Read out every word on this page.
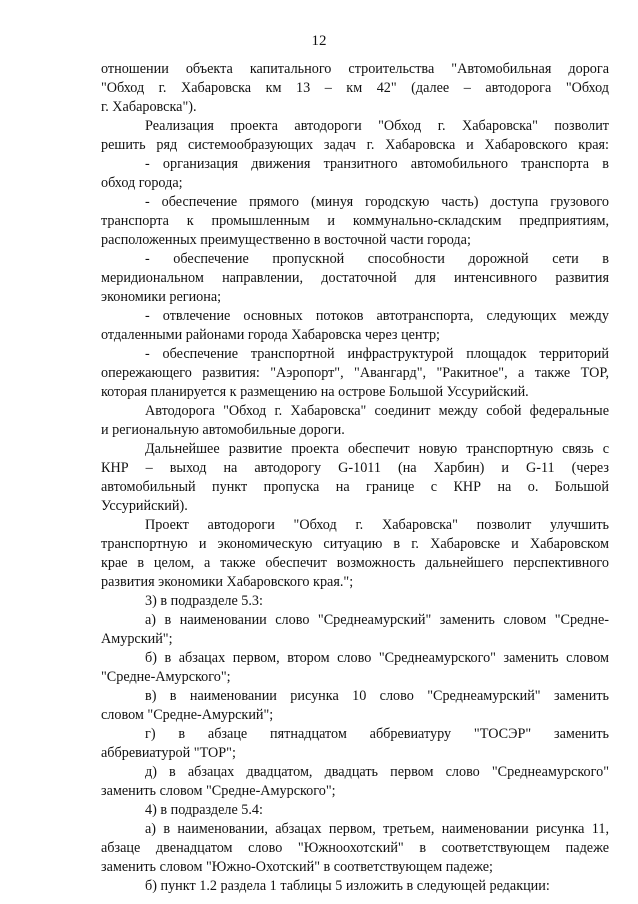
12
отношении объекта капитального строительства "Автомобильная дорога
"Обход г. Хабаровска км 13 – км 42" (далее – автодорога "Обход
г. Хабаровска").
Реализация проекта автодороги "Обход г. Хабаровска" позволит
решить ряд системообразующих задач г. Хабаровска и Хабаровского края:
- организация движения транзитного автомобильного транспорта в
обход города;
- обеспечение прямого (минуя городскую часть) доступа грузового
транспорта к промышленным и коммунально-складским предприятиям,
расположенных преимущественно в восточной части города;
- обеспечение пропускной способности дорожной сети в
меридиональном направлении, достаточной для интенсивного развития
экономики региона;
- отвлечение основных потоков автотранспорта, следующих между
отдаленными районами города Хабаровска через центр;
- обеспечение транспортной инфраструктурой площадок территорий
опережающего развития: "Аэропорт", "Авангард", "Ракитное", а также ТОР,
которая планируется к размещению на острове Большой Уссурийский.
Автодорога "Обход г. Хабаровска" соединит между собой федеральные
и региональную автомобильные дороги.
Дальнейшее развитие проекта обеспечит новую транспортную связь с
КНР – выход на автодорогу G-1011 (на Харбин) и G-11 (через
автомобильный пункт пропуска на границе с КНР на о. Большой
Уссурийский).
Проект автодороги "Обход г. Хабаровска" позволит улучшить
транспортную и экономическую ситуацию в г. Хабаровске и Хабаровском
крае в целом, а также обеспечит возможность дальнейшего перспективного
развития экономики Хабаровского края.";
3) в подразделе 5.3:
а) в наименовании слово "Среднеамурский" заменить словом "Средне-
Амурский";
б) в абзацах первом, втором слово "Среднеамурского" заменить словом
"Средне-Амурского";
в) в наименовании рисунка 10 слово "Среднеамурский" заменить
словом "Средне-Амурский";
г) в абзаце пятнадцатом аббревиатуру "ТОСЭР" заменить
аббревиатурой "ТОР";
д) в абзацах двадцатом, двадцать первом слово "Среднеамурского"
заменить словом "Средне-Амурского";
4) в подразделе 5.4:
а) в наименовании, абзацах первом, третьем, наименовании рисунка 11,
абзаце двенадцатом слово "Южноохотский" в соответствующем падеже
заменить словом "Южно-Охотский" в соответствующем падеже;
б) пункт 1.2 раздела 1 таблицы 5 изложить в следующей редакции:
